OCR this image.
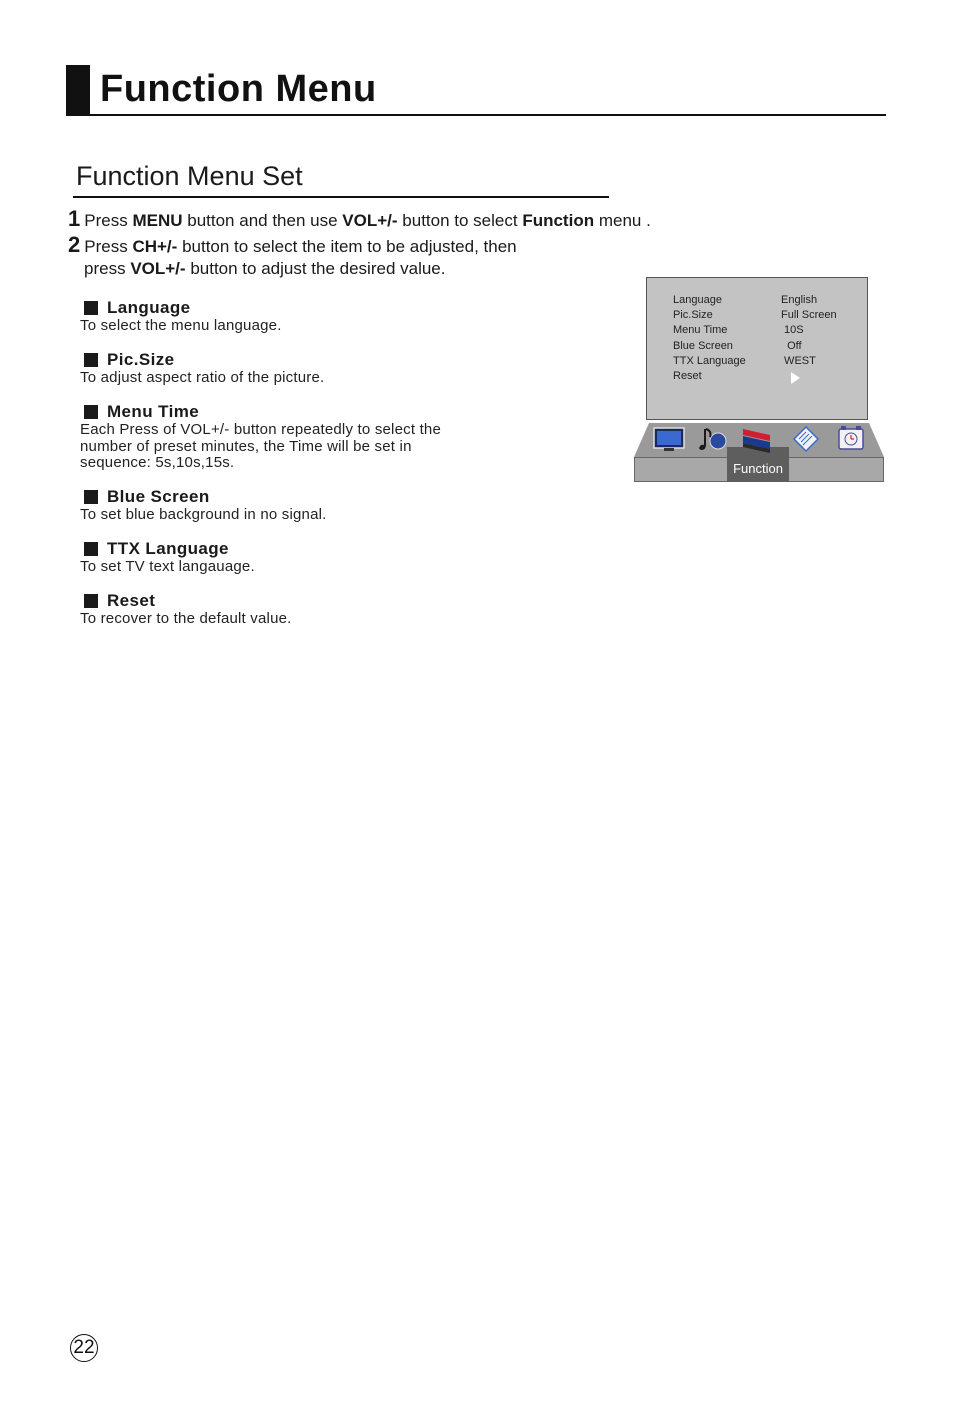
Function Menu
Function Menu Set
1 Press MENU button and then use VOL+/- button to select Function menu .
2 Press CH+/- button to select the item to be adjusted, then
press VOL+/- button to adjust the desired value.
Language
To select the menu language.
Pic.Size
To adjust aspect ratio of the picture.
Menu Time
Each Press of VOL+/- button repeatedly to select the
number of preset minutes, the Time will be set in
sequence: 5s,10s,15s.
Blue Screen
To set blue background in no signal.
TTX Language
To set TV text langauage.
Reset
To recover to the default value.
Language	English
Pic.Size	Full Screen
Menu Time	10S
Blue Screen	Off
TTX Language	WEST
Reset
Function
22
